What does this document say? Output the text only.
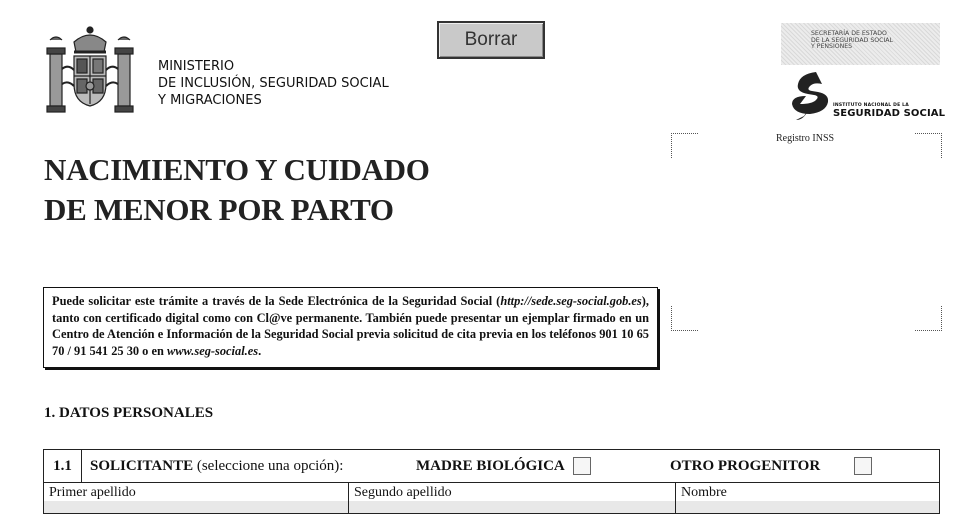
MINISTERIO
DE INCLUSIÓN, SEGURIDAD SOCIAL
Y MIGRACIONES
Borrar	SECRETARÍA DE ESTADO
DE LA SEGURIDAD SOCIAL
Y PENSIONES
INSTITUTO NACIONAL DE LA
SEGURIDAD SOCIAL
Registro INSS
NACIMIENTO Y CUIDADO
DE MENOR POR PARTO
Puede solicitar este trámite a través de la Sede Electrónica de la Seguridad Social (http://sede.seg-social.gob.es), tanto con certificado digital como con Cl@ve permanente. También puede presentar un ejemplar firmado en un Centro de Atención e Información de la Seguridad Social previa solicitud de cita previa en los teléfonos 901 10 65 70 / 91 541 25 30 o en www.seg-social.es.
1. DATOS PERSONALES
1.1	SOLICITANTE (seleccione una opción):	MADRE BIOLÓGICA	OTRO PROGENITOR
Primer apellido	Segundo apellido	Nombre
